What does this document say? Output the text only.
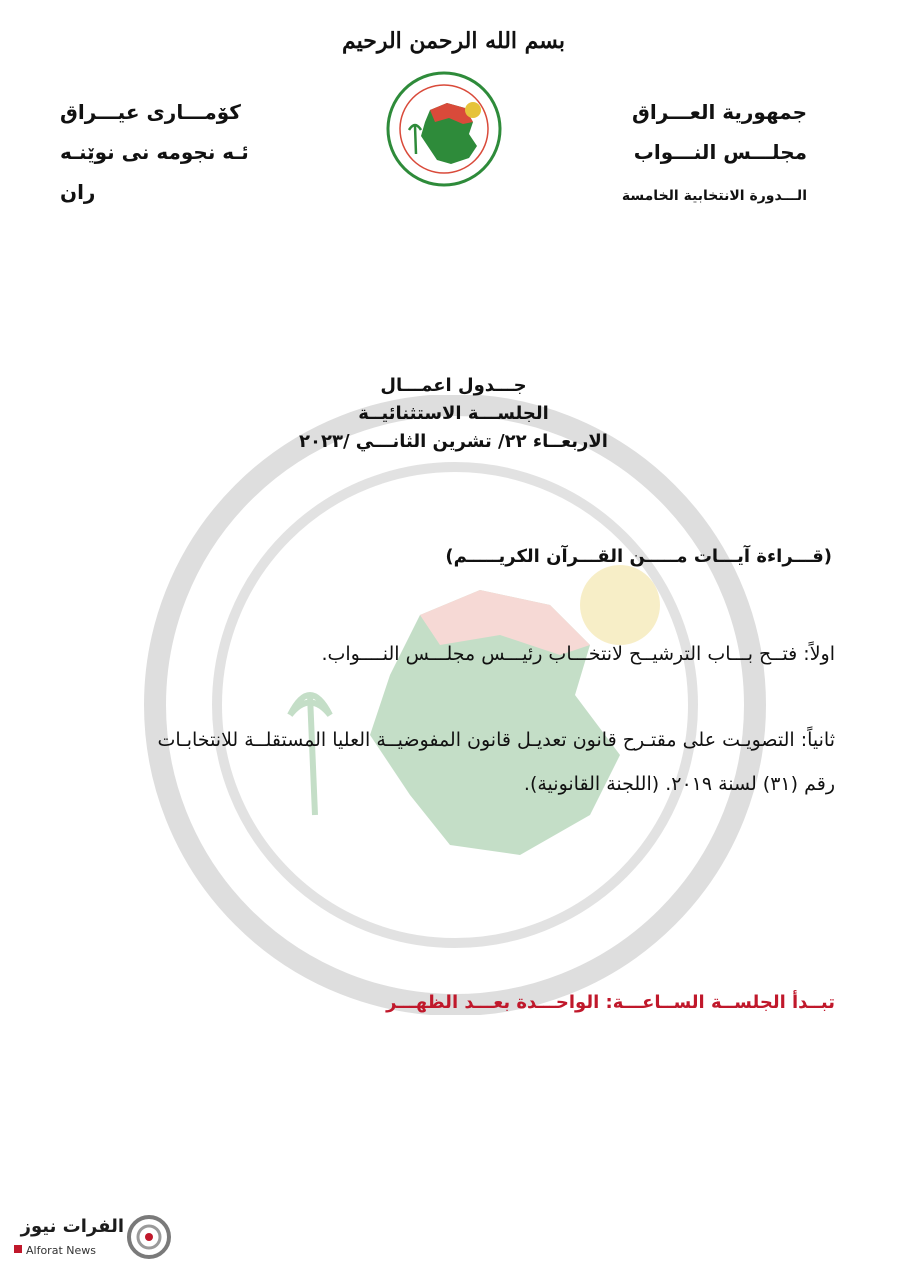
بسم الله الرحمن الرحيم
جمهورية العـــراق
مجلـــس النـــواب
كۆمـــاری عیـــراق
ئـه نجومه نی نوێنـه ران	الـــدورة الانتخابية الخامسة
جـــدول اعمـــال
الجلســـة الاستثنائيــة
الاربعــاء ٢٢/ تشرين الثانـــي /٢٠٢٣
(قـــراءة آيـــات مـــــن القـــرآن الكريـــــم)
اولاً: فتــح بـــاب الترشيــح لانتخـــاب رئيـــس مجلـــس النــــواب.
ثانياً: التصويـت على مقتـرح قانون تعديـل قانون المفوضيــة العليا المستقلــة للانتخابـات
رقم (٣١) لسنة ٢٠١٩. (اللجنة القانونية).
تبــدأ الجلســة الســاعـــة: الواحـــدة بعـــد الظهـــر
الفرات نيوز
Alforat News
